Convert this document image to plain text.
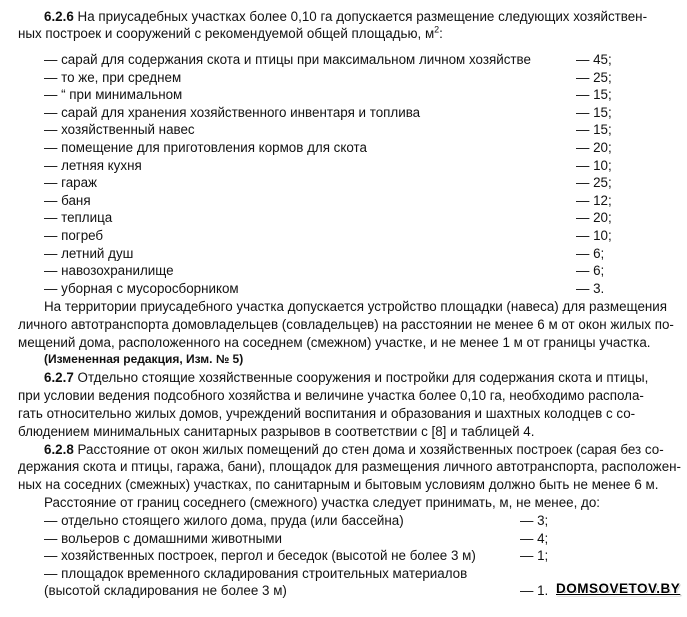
6.2.6 На приусадебных участках более 0,10 га допускается размещение следующих хозяйствен-
ных построек и сооружений с рекомендуемой общей площадью, $м^2$:
— сарай для содержания скота и птицы при максимальном личном хозяйстве	— 45;
— то же, при среднем	— 25;
— “ при минимальном	— 15;
— сарай для хранения хозяйственного инвентаря и топлива	— 15;
— хозяйственный навес	— 15;
— помещение для приготовления кормов для скота	— 20;
— летняя кухня	— 10;
— гараж	— 25;
— баня	— 12;
— теплица	— 20;
— погреб	— 10;
— летний душ	— 6;
— навозохранилище	— 6;
— уборная с мусоросборником	— 3.
На территории приусадебного участка допускается устройство площадки (навеса) для размещения
личного автотранспорта домовладельцев (совладельцев) на расстоянии не менее 6 м от окон жилых по-
мещений дома, расположенного на соседнем (смежном) участке, и не менее 1 м от границы участка.
(Измененная редакция, Изм. № 5)
6.2.7 Отдельно стоящие хозяйственные сооружения и постройки для содержания скота и птицы,
при условии ведения подсобного хозяйства и величине участка более 0,10 га, необходимо распола-
гать относительно жилых домов, учреждений воспитания и образования и шахтных колодцев с со-
блюдением минимальных санитарных разрывов в соответствии с [8] и таблицей 4.
6.2.8 Расстояние от окон жилых помещений до стен дома и хозяйственных построек (сарая без со-
держания скота и птицы, гаража, бани), площадок для размещения личного автотранспорта, расположен-
ных на соседних (смежных) участках, по санитарным и бытовым условиям должно быть не менее 6 м.
Расстояние от границ соседнего (смежного) участка следует принимать, м, не менее, до:
— отдельно стоящего жилого дома, пруда (или бассейна)	— 3;
— вольеров с домашними животными	— 4;
— хозяйственных построек, пергол и беседок (высотой не более 3 м)	— 1;
— площадок временного складирования строительных материалов
(высотой складирования не более 3 м)	— 1. DOMSOVETOV.BY
